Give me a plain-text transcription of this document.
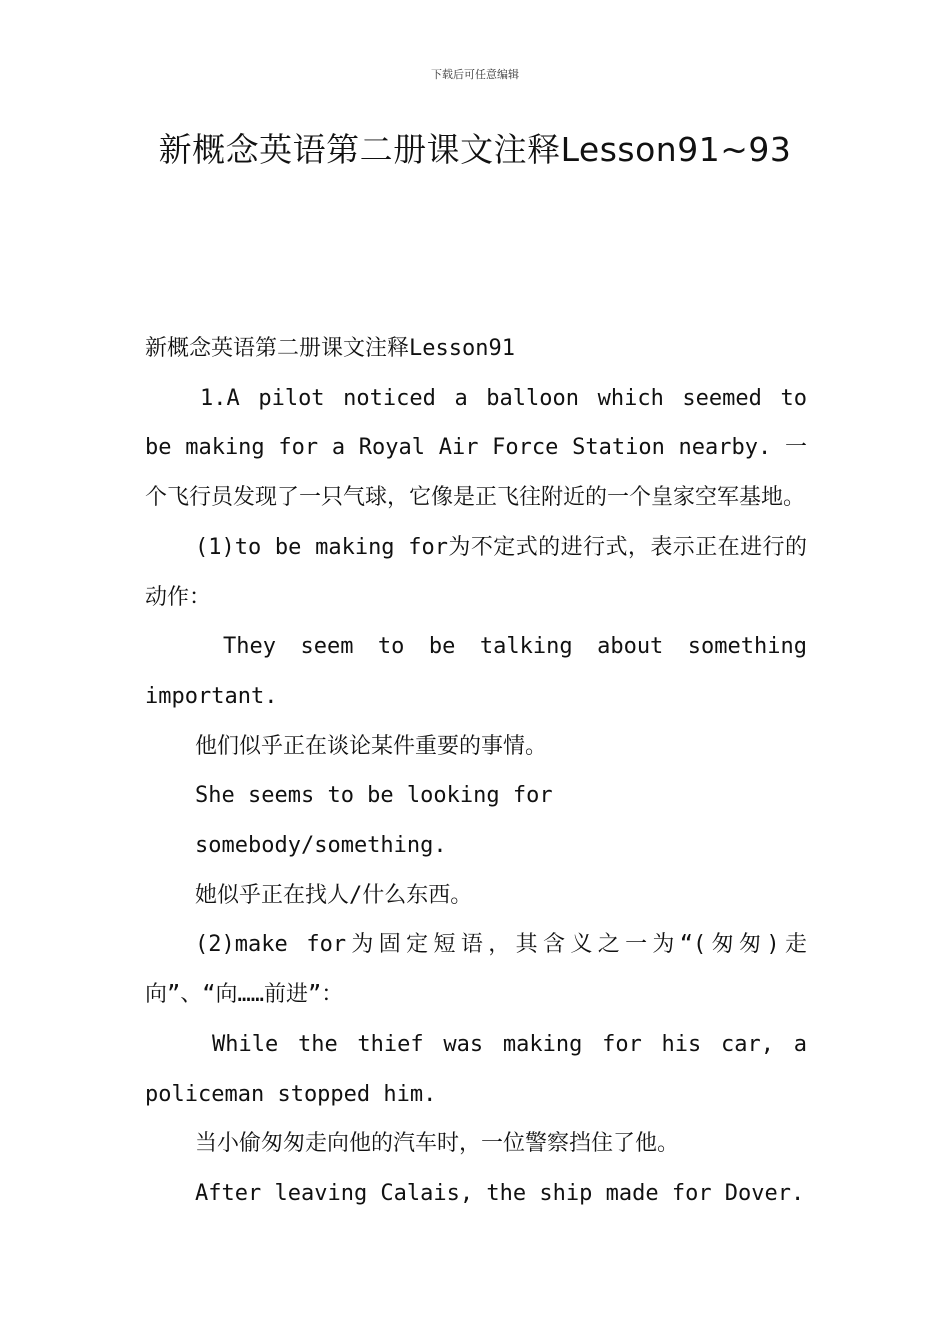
下载后可任意编辑
新概念英语第二册课文注释Lesson91~93

新概念英语第二册课文注释Lesson91

1.A pilot noticed a balloon which seemed to be making for a Royal Air Force Station nearby. 一个飞行员发现了一只气球，它像是正飞往附近的一个皇家空军基地。

(1)to be making for为不定式的进行式，表示正在进行的动作：

They seem to be talking about something important.

他们似乎正在谈论某件重要的事情。

She seems to be looking for somebody/something.

她似乎正在找人/什么东西。

(2)make for为固定短语，其含义之一为“(匆匆)走向”、“向……前进”：

While the thief was making for his car, a policeman stopped him.

当小偷匆匆走向他的汽车时，一位警察挡住了他。

After leaving Calais, the ship made for Dover.
